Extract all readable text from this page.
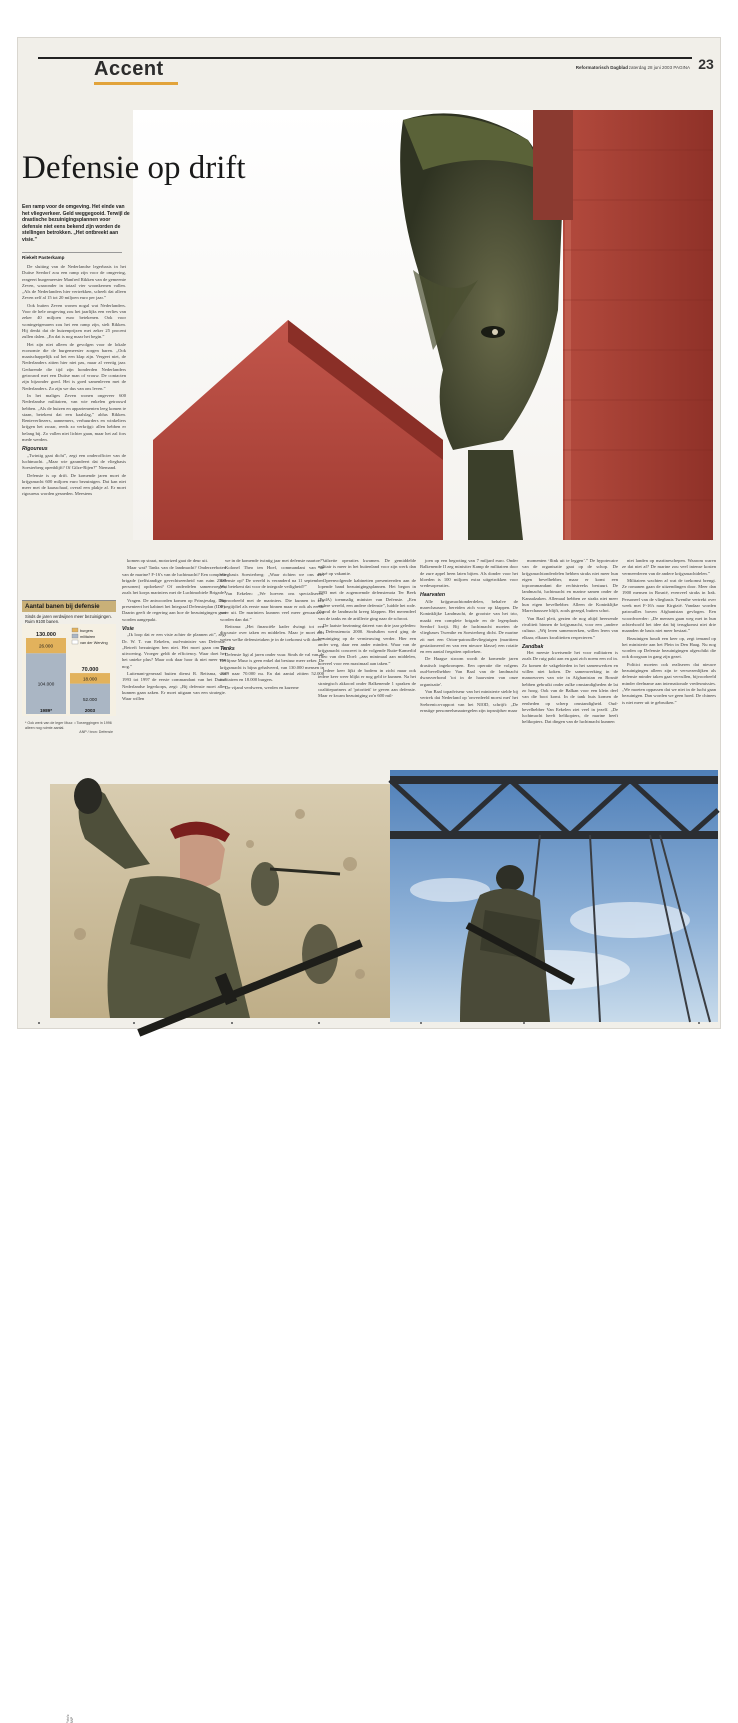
Accent	Reformatorisch Dagblad zaterdag 28 juni 2003 PAGINA 23
Defensie op drift
Een ramp voor de omgeving. Het einde van het vliegverkeer. Geld weggegooid. Terwijl de drastische bezuinigingsplannen voor defensie niet eens bekend zijn worden de stellingen betrokken. „Het ontbreekt aan visie.”
Riekelt Pasterkamp

De sluiting van de Nederlandse legerbasis in het Duitse Seedorf zou een ramp zijn voor de omgeving, reageert burgemeester Manfred Rikken van de gemeente Zeven, waaronder in totaal vier woonkernen vallen. „Als de Nederlanders hier vertrekken, scheelt dat alleen Zeven zelf al 15 tot 20 miljoen euro per jaar.”

Ook buiten Zeven wonen nogal wat Nederlanders. Voor de hele omgeving zou het jaarlijks een verlies van zeker 40 miljoen euro betekenen. Ook voor woningeigenaren zou het een ramp zijn, stelt Rikken. Hij denkt dat de huizenprijzen met zeker 25 procent zullen dalen. „En dat is nog maar het begin.”

Het zijn niet alleen de gevolgen voor de lokale economie die de burgemeester zorgen baren. „Ook maatschappelijk zal het een klap zijn. Vergeet niet, de Nederlanders zitten hier niet pas, maar al veertig jaar. Gedurende die tijd zijn honderden Nederlanders getrouwd met een Duitse man of vrouw. De contacten zijn bijzonder goed. Het is goed samenleven met de Nederlanders. Zo zijn we dus van ons leven.”

In het maliges Zeven wonen ongeveer 600 Nederlandse militairen, van wie enkelen getrouwd hebben. „Als de huizen en appartementen leeg komen te staan, betekent dat een kaalslag,” aldus Rikken. Renteverliezers, aannemers, verhuurders en winkeliers krijgen het zwaar, reeds zo verkrijgt: allen hebben er belang bij. Zo vallen niet lichter gaan, maar het zal fors mede werden.

Rigoureus

„Twintig gaat dicht”, zegt een onderofficier van de luchtmacht. „Maar wie garandeert dat de vliegbasis Soesterberg openblijft? Of Gilze-Rijen?” Niemand.

Defensie is op drift. De komende jaren moet de krijgsmacht 600 miljoen euro bezuinigen. Dat kan niet meer met de kaasschaaf, overal een plakje af. Er moet rigoureus worden gesneden. Meestens

Aantal banen bij defensie
Sinds de jaren verdwijnen meer bezuinigingen. Ruim 9100 banen.
130.000
26.000
104.000
1989*
70.000
18.000
52.000
2003
burgers
militairen
van der Werving
* Ook werk van de leger Muur. • Toezeggingen in 1996 alleen nog ruimte aantal.
ANP / bron: Defensie

komen op straat, motorized gaat de deur uit.

Maar wat? Tanks van de landmacht? Onderzeeboten van de marine? F-16's van de luchtmacht? Een complete brigade (zelfstandige gevechtseenheid van ruim 2500 personen) opdoeken? Of onderdelen samenvoegen, zoals het korps mariniers met de Luchtmobiele Brigade?

Vragen. De antwoorden komen op Prinsjesdag. Dan presenteert het kabinet het Integraal Defensieplan (IDP). Daarin geeft de regering aan hoe de bezuinigingen gaat worden aangepakt.

Visie

„Ik loop dat er een visie achter de plannen zit”, zegt Dr. W. T. van Eekelen, oud-minister van Defensie. „Betreft bezuinigen ben niet. Het moet gaan om de uitvoering. Vroeger geldt de efficiency. Waar doet het het unieke plus? Maar ook daar hoor ik niet meer van nog.”

Luitenant-generaal buiten dienst R. Reitsma, van 1993 tot 1997 de eerste commandant van het Duits-Nederlandse legerkorps, zegt: „Bij defensie moet alles kunnen gaan zaken. Er moet uitgaan van een strategie. Waar willen

we in de komende twintig jaar met defensie naartoe?”

Kolonel Theo ten Hoef, commandant van de vliegbasis Soesterberg: „Waar richten we ons met defensie op? De wereld is veranderd na 11 september. Wat betekent dat voor de integrale veiligheid?”

Van Eekelen: „We hoeven ons specialiseren. Bijvoorbeeld met de mariniers. Die kunnen in een vroegtijdiel als eerste naar binnen maar er ook als eerste weer uit. De mariniers kunnen veel meer gewaarderd worden dan dat.”

Reitsma: „Het financiële kader dwingt tot een discussie over taken en middelen. Maar je moet niet weten welke defensietaken je in de toekomst wilt doen.”

Tanks

Defensie ligt al jaren onder vuur. Sinds de val van de Berlijnse Muur is geen enkel dat bestuur meer zeker. De krijgsmacht is bijna gehalveerd, van 130.000 mensen in 1989 naar 70.000 nu. En dat aantal zittten 52.000 militairen en 18.000 burgers.

De vijand verdween, werden en kazerne

stilzette operaties kwamen. De gemiddelde militair is meer in het buitenland voor zijn werk dan privé op vakantie.

Opeenvolgende kabinetten presenteerden aan de lopende band bezuinigingsplannen. Het begon in 1993 met de zogenoemde defensienota Ter Beek (PvdA) toenmalig minister van Defensie. „Een andere wereld, een andere defensie”, luidde het rode. Vooral de landmacht kreeg klappen. Het merendeel van de tanks en de artillerie ging naar de schroot.

De laatste bezinning dateert van drie jaar geleden: de Defensienota 2000. Sindsdien werd ging de bezuiniging op de vernieuwing verder. Hier een ander weg, daar een ander mindert. Waar van de krijgsmacht concreet is de volgende Rutte-Kamerlid Theo van den Doel: „aan minimaal aan middelen, hoeveel voor een maximaal aan taken.”

Iedere keer lijkt de bodem in zicht maar ook iedere keer weer blijkt er nog geld te kunnen. Na het strategisch akkoord onder Balkenende 1 spraken de coalitiepartners af 'prioriteit' te geven aan defensie. Maar er kwam bezuiniging zo'n 600 mil-

joen op een begroting van 7 miljard euro. Onder Balkenende II zeg ministter Kamp de militairen door de zure appel heen laten bijten. Als donder voor het bloeden is 100 miljoen extra uitgetrokken voor vredesoperaties.

Haarvaten

Alle krijgsmachtonderdelen, behalve de marechaussee, bereiden zich voor op klappen. De Koninklijke Landmacht, de grootste van het trio, maakt een complete brigade en de legerplaats Seedorf kwijt. Bij de luchtmacht moeten de vliegbases Twenthe en Soesterberg dicht. De marine zit met een Orion-patrouillevliegtuigen (maritiem gestationeerd en van een nieuwe klasse) een rotatie en een aantal fregatten opdoeken.

De Haagse stroom wordt de komende jaren drastisch ingekrompen. Een operatie die volgens oud-bevelhebber Van Baal van de landmacht dwarsverbond 'tot in de haarvaten van onze organisatie'.

Van Baal topadviseur van het ministerie stelde bij vertrek dat Nederland op 'onverdeeld moest met' het Srebrenica-rapport van het NIOD, schrijft: „De ernstige personeelsmaatregelen zijn topsnijdser maar

momenten ‘flink uit te leggen’.” De hypotecaire van de organisatie gaat op de schop. De krijgsmachtonderdelen hebben straks niet meer hun eigen bevelhebber, maar er komt een topcommandant die rechtstreeks bestuurt. De landmacht, luchtmacht en marine samen onder de Kanaalzaken. Allemaal hebben ze straks niet meer hun eigen bevelhebber. Alleen de Koninklijke Marechaussee blijft, zoals gezegd, buiten schot.

Van Baal pleit, gezien de nog altijd heersende rivaliteit binnen de krijgsmacht, voor een „andere cultuur. „Wij leren samenwerken, willen leren van elkaar, elkaars kwaliteiten respecteren.”

Zandbak

Het meeste kwetsende het voor militairen is zoals De ruig pakt aan en gaat zich noem een rol in. Zo komen de vakgebieden in het samenwerken en willen niet koken. De samenwerking in de manoeuvres van wie in Afghanistan en Bosnië hebben gebruikt onder zulke omstandigheden de lat zo hoog. Ook van de Balkan voor een klein deel van die boot komt. In de tank huis komen de eenheden op scherp omstandigheid. Oud-bevelhebber Van Eekelen ziet veel in jezelf. „De luchtmacht heeft helikopters, de marine heeft helikopters. Dat dingen van de luchtmacht kunnen

niet landen op mariineschepen. Waarom waren ze dat niet af? De marine zou veel intense kosten vermeerderen van de andere krijgsmachtdelen.”

Militairen wachten af wat de toekomst brengt. Ze romanen gaan de uitzendingen door. Meer dan 1900 mensen in Bosnië, evenveel straks in Irak. Personeel van de vliegbasis Twenthe vertrekt over week met F-16's naar Kirgizië. Vandaar worden patrouilles boven Afghanistan gevlogen. Een woordvoerder: „De mensen gaan weg met in hun achterhoofd het idee dat bij terugkomst niet drie maanden de basis niet meer bestaat.”

Bezuinigen houdt een keer op, zegt iemand op het ministerie aan het Plein in Den Haag. Nu nog worden op Defensie bezuinigingen afgeschikt die ook doorgaan in gang zijn gezet.

Politici moeten ook realiseren dat nieuwe bezuinigingen alleen zijn te verwezenlijken als defensie minder taken gaat vervullen, bijvoorbeeld minder deelname aan internationale vredesmissies. „We moeten oppassen dat we niet in de lucht gaan bezuinigen. Dan worden we geen hoed. De chinees is niet meer uit te gebruiken.”

Foto's: ANP
